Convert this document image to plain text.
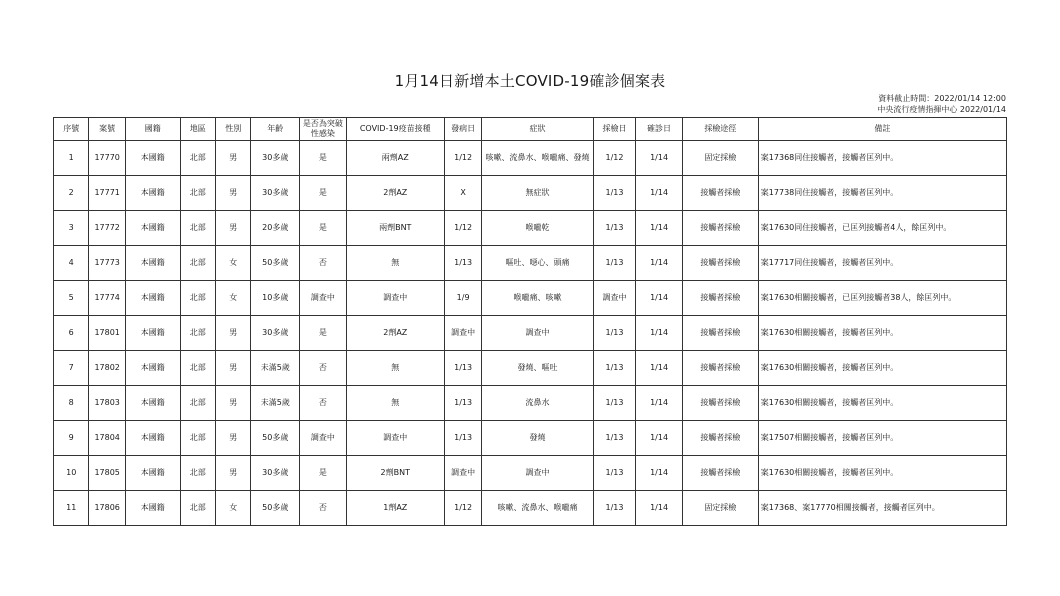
1月14日新增本土COVID-19確診個案表
資料截止時間：2022/01/14 12:00
中央流行疫情指揮中心 2022/01/14
序號	案號	國籍	地區	性別	年齡	是否為突破性感染	COVID-19疫苗接種	發病日	症狀	採檢日	確診日	採檢途徑	備註
1	17770	本國籍	北部	男	30多歲	是	兩劑AZ	1/12	咳嗽、流鼻水、喉嚨痛、發燒	1/12	1/14	固定採檢	案17368同住接觸者，接觸者匡列中。
2	17771	本國籍	北部	男	30多歲	是	2劑AZ	X	無症狀	1/13	1/14	接觸者採檢	案17738同住接觸者，接觸者匡列中。
3	17772	本國籍	北部	男	20多歲	是	兩劑BNT	1/12	喉嚨乾	1/13	1/14	接觸者採檢	案17630同住接觸者，已匡列接觸者4人，餘匡列中。
4	17773	本國籍	北部	女	50多歲	否	無	1/13	嘔吐、噁心、頭痛	1/13	1/14	接觸者採檢	案17717同住接觸者，接觸者匡列中。
5	17774	本國籍	北部	女	10多歲	調查中	調查中	1/9	喉嚨痛、咳嗽	調查中	1/14	接觸者採檢	案17630相關接觸者，已匡列接觸者38人，餘匡列中。
6	17801	本國籍	北部	男	30多歲	是	2劑AZ	調查中	調查中	1/13	1/14	接觸者採檢	案17630相關接觸者，接觸者匡列中。
7	17802	本國籍	北部	男	未滿5歲	否	無	1/13	發燒、嘔吐	1/13	1/14	接觸者採檢	案17630相關接觸者，接觸者匡列中。
8	17803	本國籍	北部	男	未滿5歲	否	無	1/13	流鼻水	1/13	1/14	接觸者採檢	案17630相關接觸者，接觸者匡列中。
9	17804	本國籍	北部	男	50多歲	調查中	調查中	1/13	發燒	1/13	1/14	接觸者採檢	案17507相關接觸者，接觸者匡列中。
10	17805	本國籍	北部	男	30多歲	是	2劑BNT	調查中	調查中	1/13	1/14	接觸者採檢	案17630相關接觸者，接觸者匡列中。
11	17806	本國籍	北部	女	50多歲	否	1劑AZ	1/12	咳嗽、流鼻水、喉嚨痛	1/13	1/14	固定採檢	案17368、案17770相關接觸者，接觸者匡列中。
